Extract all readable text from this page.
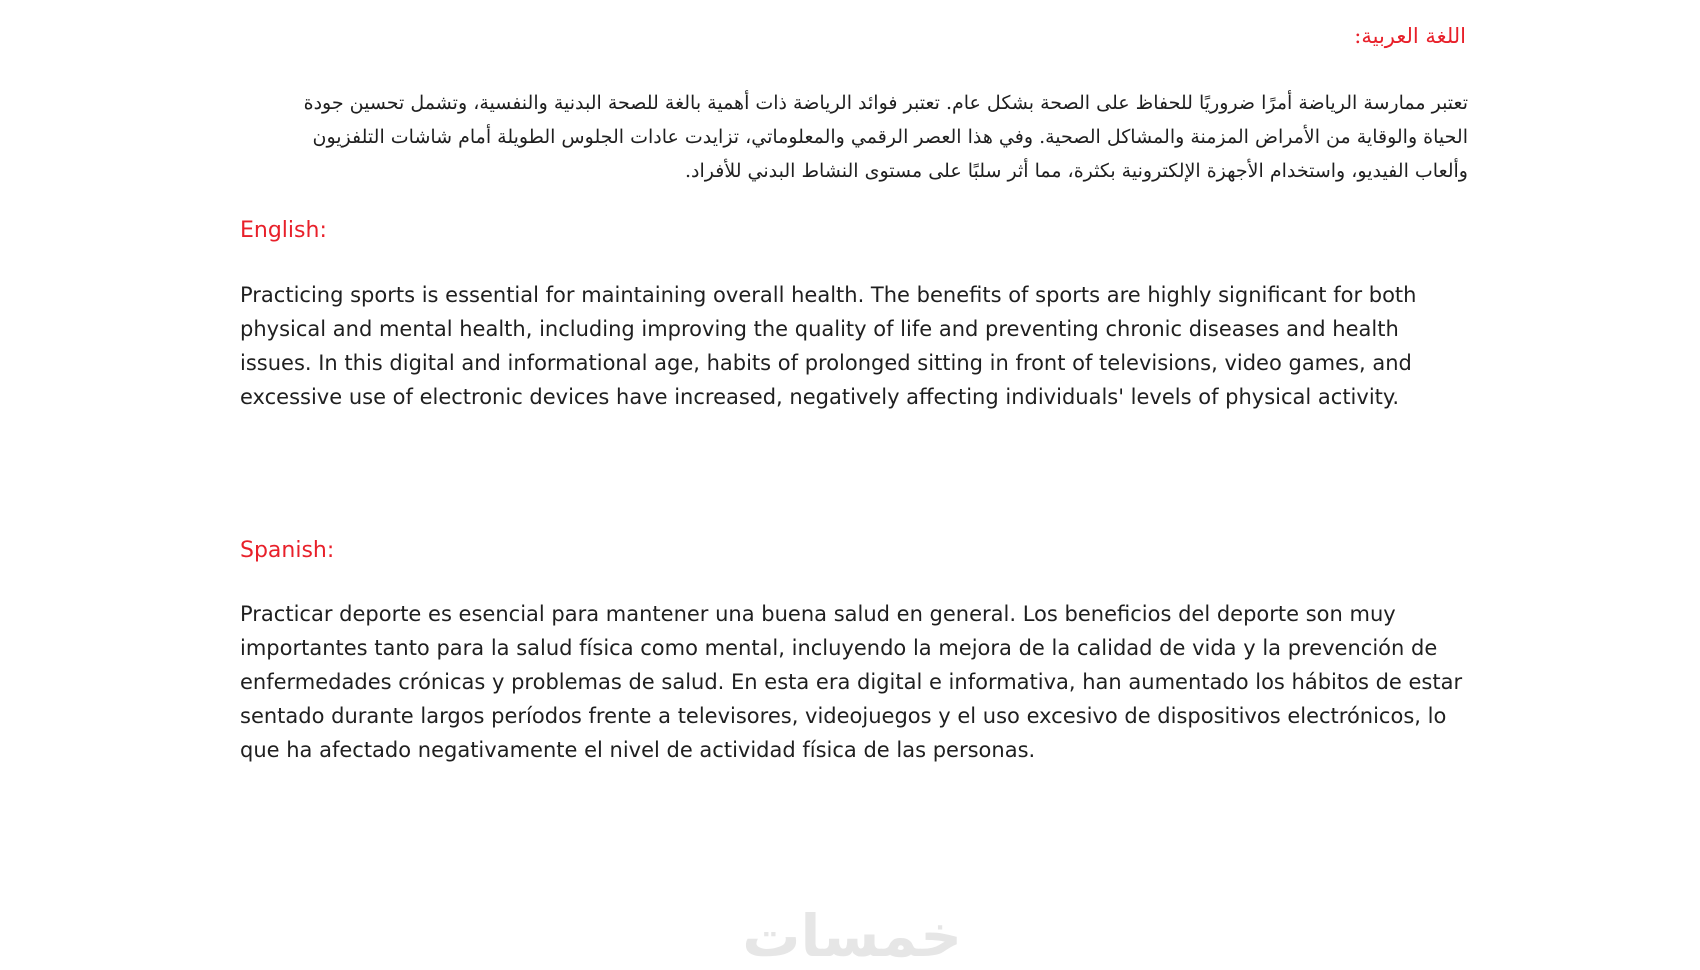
اللغة العربية:

تعتبر ممارسة الرياضة أمرًا ضروريًا للحفاظ على الصحة بشكل عام. تعتبر فوائد الرياضة ذات أهمية بالغة للصحة البدنية والنفسية، وتشمل تحسين جودة الحياة والوقاية من الأمراض المزمنة والمشاكل الصحية. وفي هذا العصر الرقمي والمعلوماتي، تزايدت عادات الجلوس الطويلة أمام شاشات التلفزيون وألعاب الفيديو، واستخدام الأجهزة الإلكترونية بكثرة، مما أثر سلبًا على مستوى النشاط البدني للأفراد.

English:

Practicing sports is essential for maintaining overall health. The benefits of sports are highly significant for both physical and mental health, including improving the quality of life and preventing chronic diseases and health issues. In this digital and informational age, habits of prolonged sitting in front of televisions, video games, and excessive use of electronic devices have increased, negatively affecting individuals' levels of physical activity.

Spanish:

Practicar deporte es esencial para mantener una buena salud en general. Los beneficios del deporte son muy importantes tanto para la salud física como mental, incluyendo la mejora de la calidad de vida y la prevención de enfermedades crónicas y problemas de salud. En esta era digital e informativa, han aumentado los hábitos de estar sentado durante largos períodos frente a televisores, videojuegos y el uso excesivo de dispositivos electrónicos, lo que ha afectado negativamente el nivel de actividad física de las personas.

خمسات
